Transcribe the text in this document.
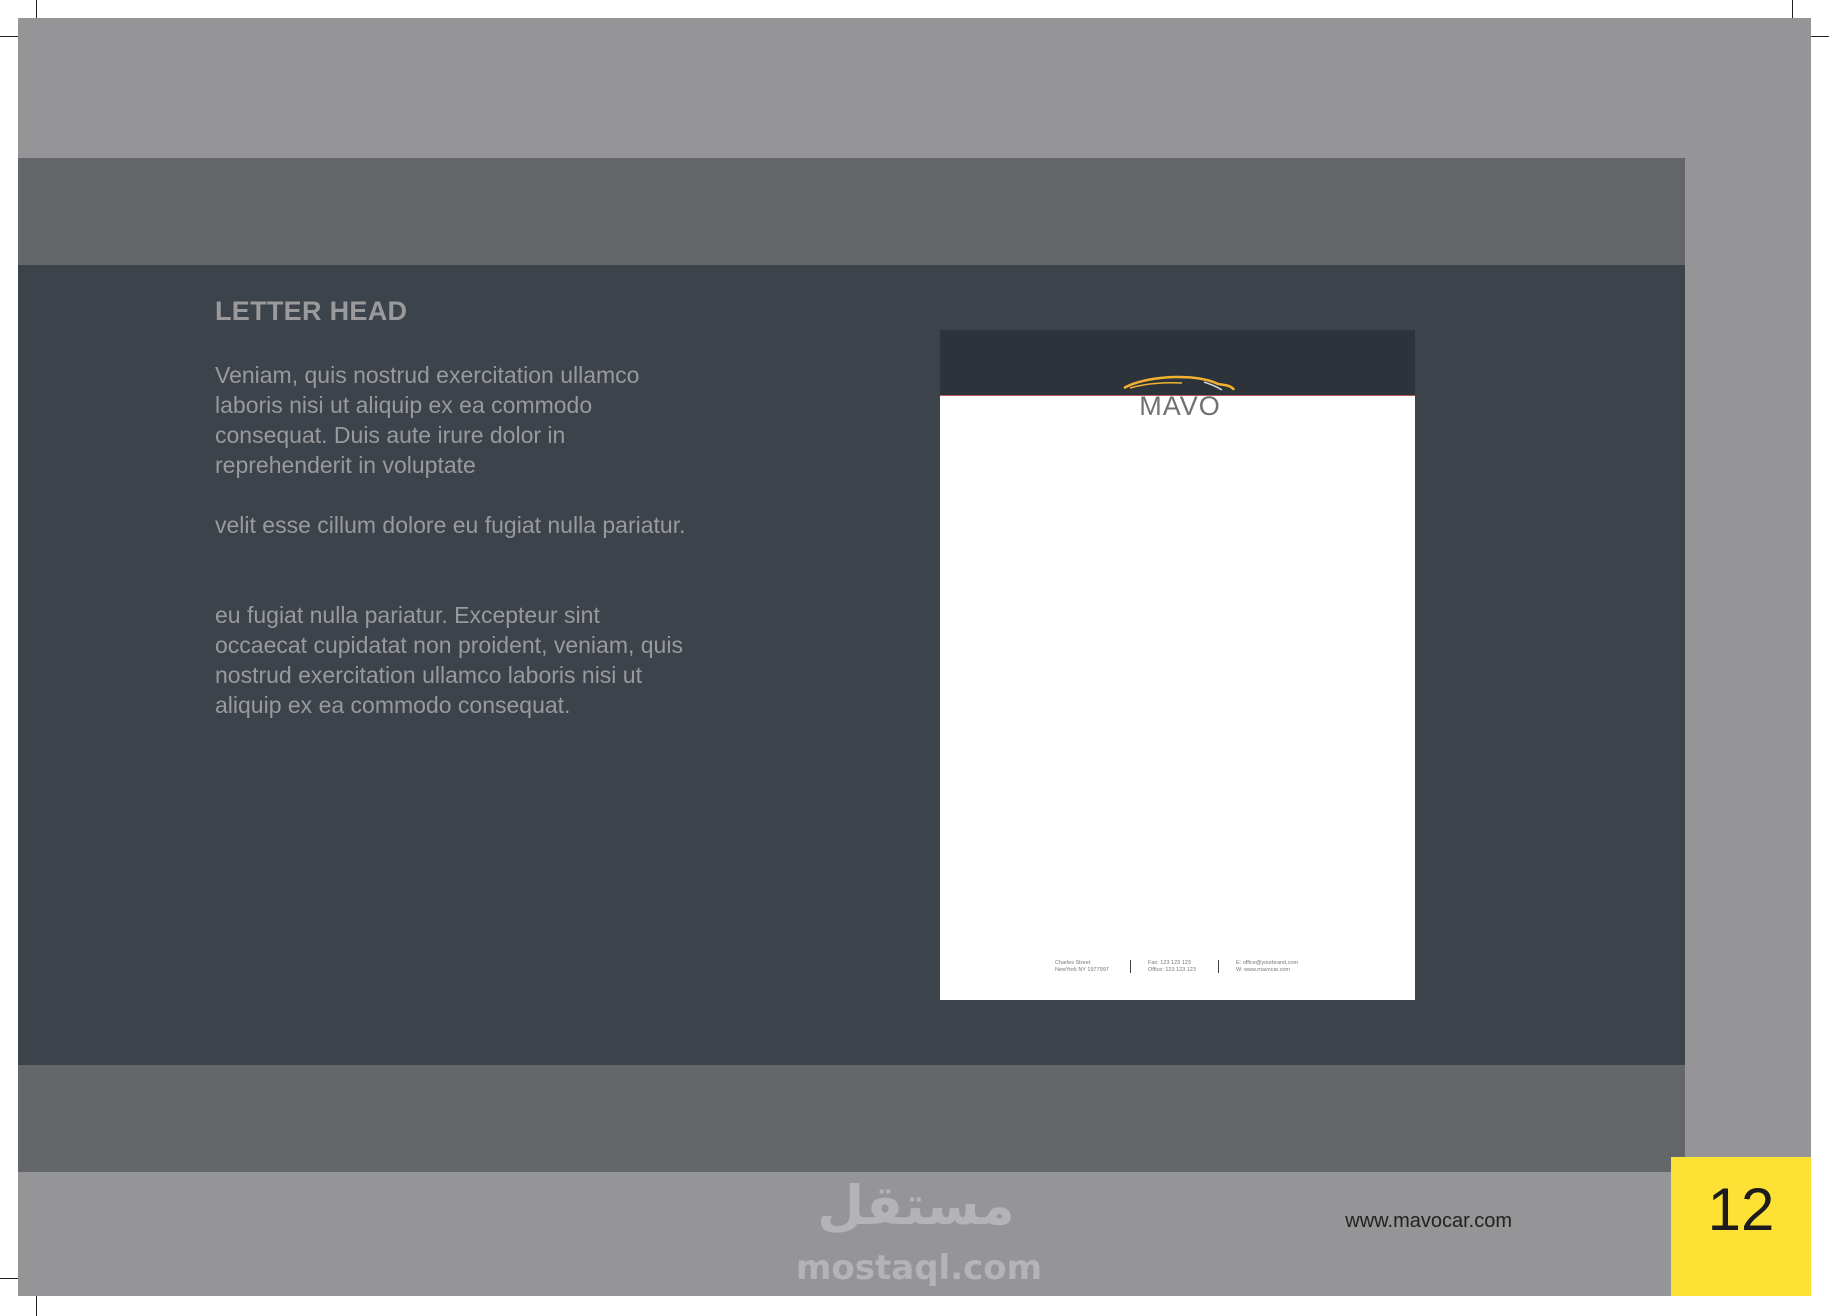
LETTER HEAD
Veniam, quis nostrud exercitation ullamco laboris nisi ut aliquip ex ea commodo consequat. Duis aute irure dolor in reprehenderit in voluptate
velit esse cillum dolore eu fugiat nulla pariatur.
eu fugiat nulla pariatur. Excepteur sint occaecat cupidatat non proident, veniam, quis nostrud exercitation ullamco laboris nisi ut aliquip ex ea commodo consequat.
MAVO
Charles Street
NewYork NY 1977997
Fax: 123 123 123
Office: 123 123 123
E: office@yourbrand.com
W: www.mavocar.com
مستقل
mostaql.com
www.mavocar.com	12
